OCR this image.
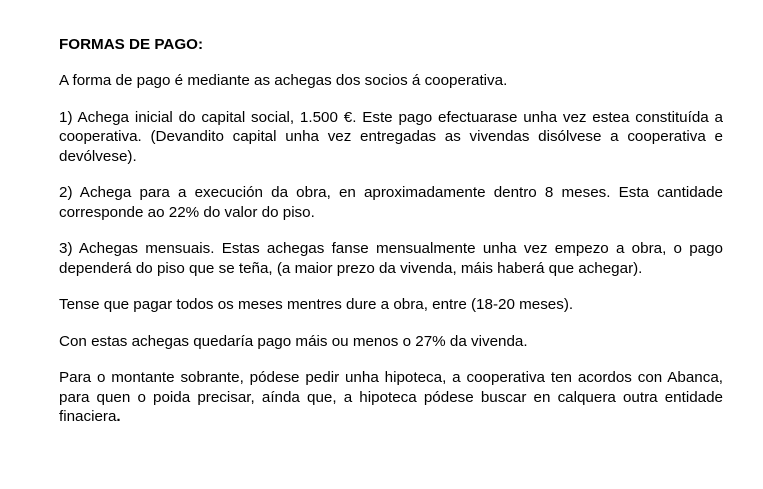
FORMAS DE PAGO:

A forma de pago é mediante as achegas dos socios á cooperativa.

1) Achega inicial do capital social, 1.500 €. Este pago efectuarase unha vez estea constituída a cooperativa. (Devandito capital unha vez entregadas as vivendas disólvese a cooperativa e devólvese).

2) Achega para a execución da obra, en aproximadamente dentro 8 meses. Esta cantidade corresponde ao 22% do valor do piso.

3) Achegas mensuais. Estas achegas fanse mensualmente unha vez empezo a obra, o pago dependerá do piso que se teña, (a maior prezo da vivenda, máis haberá que achegar).

Tense que pagar todos os meses mentres dure a obra, entre (18-20 meses).

Con estas achegas quedaría pago máis ou menos o 27% da vivenda.

Para o montante sobrante, pódese pedir unha hipoteca, a cooperativa ten acordos con Abanca, para quen o poida precisar, aínda que, a hipoteca pódese buscar en calquera outra entidade finaciera.
